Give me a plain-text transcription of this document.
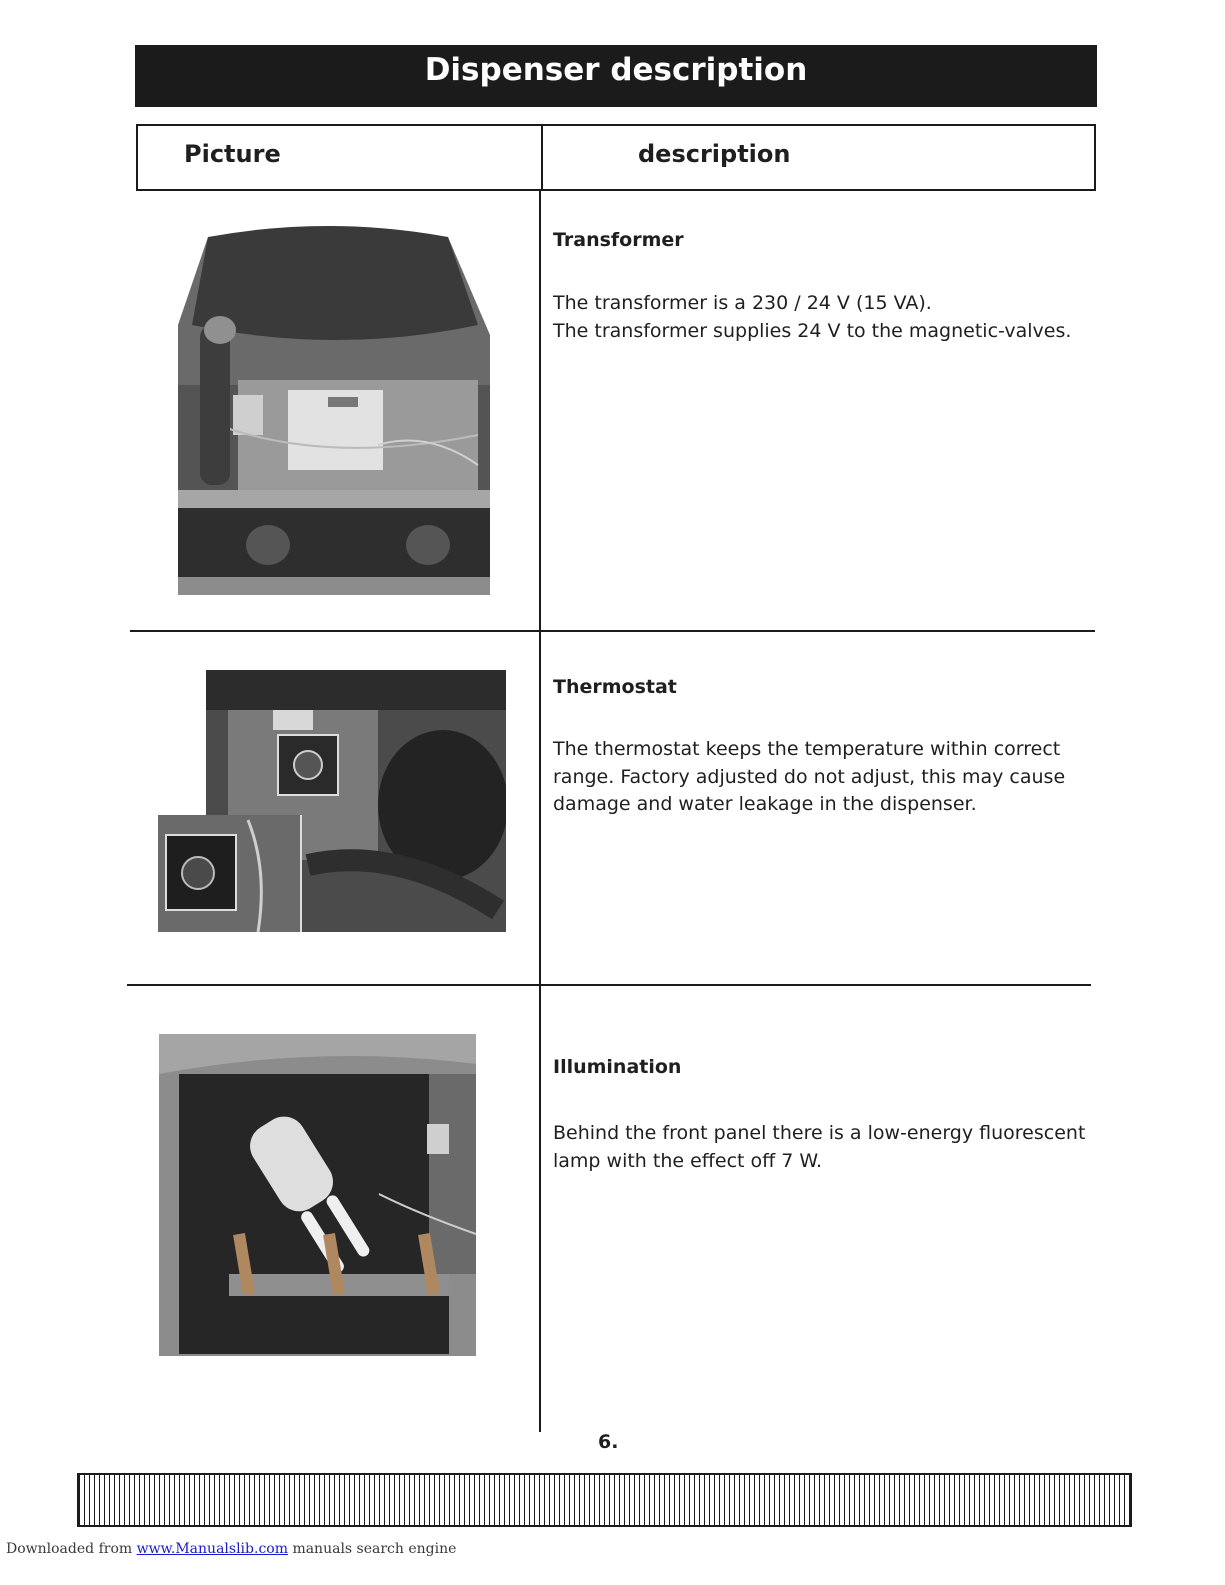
Dispenser description
Picture	description
Transformer
The transformer is a 230 / 24 V (15 VA).
The transformer supplies 24 V to the magnetic-valves.
Thermostat
The thermostat keeps the temperature within correct
range. Factory adjusted do not adjust, this may cause
damage and water leakage in the dispenser.
Illumination
Behind the front panel there is a low-energy fluorescent
lamp with the effect off 7 W.
6.
Downloaded from www.Manualslib.com manuals search engine
